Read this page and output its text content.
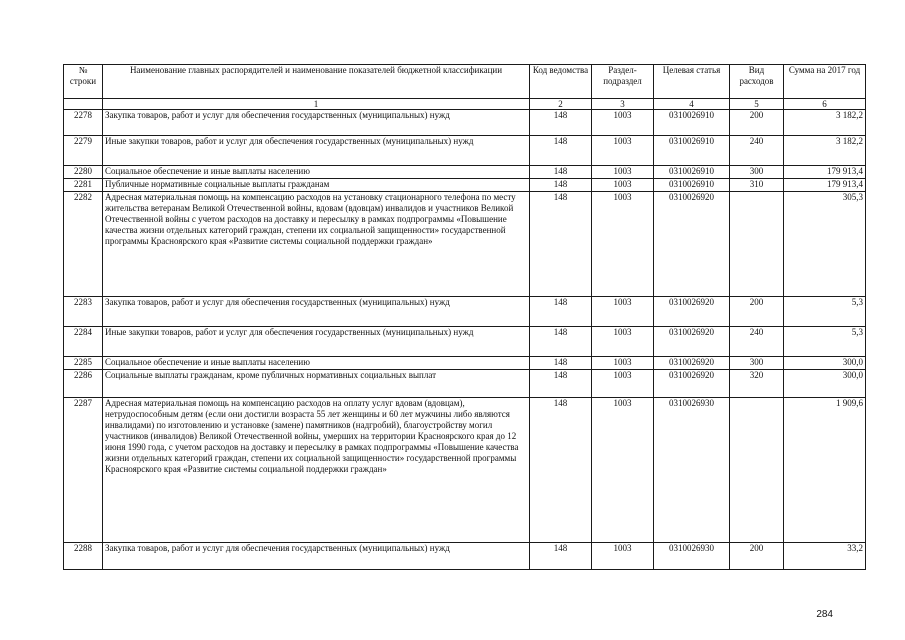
№ строки	Наименование главных распорядителей и наименование показателей бюджетной классификации	Код ведомства	Раздел-подраздел	Целевая статья	Вид расходов	Сумма на 2017 год
	1	2	3	4	5	6
2278	Закупка товаров, работ и услуг для обеспечения государственных (муниципальных) нужд	148	1003	0310026910	200	3 182,2
2279	Иные закупки товаров, работ и услуг для обеспечения государственных (муниципальных) нужд	148	1003	0310026910	240	3 182,2
2280	Социальное обеспечение и иные выплаты населению	148	1003	0310026910	300	179 913,4
2281	Публичные нормативные социальные выплаты гражданам	148	1003	0310026910	310	179 913,4
2282	Адресная материальная помощь на компенсацию расходов на установку стационарного телефона по месту жительства ветеранам Великой Отечественной войны, вдовам (вдовцам) инвалидов и участников Великой Отечественной войны с учетом расходов на доставку и пересылку в рамках подпрограммы «Повышение качества жизни отдельных категорий граждан, степени их социальной защищенности» государственной программы Красноярского края «Развитие системы социальной поддержки граждан»	148	1003	0310026920		305,3
2283	Закупка товаров, работ и услуг для обеспечения государственных (муниципальных) нужд	148	1003	0310026920	200	5,3
2284	Иные закупки товаров, работ и услуг для обеспечения государственных (муниципальных) нужд	148	1003	0310026920	240	5,3
2285	Социальное обеспечение и иные выплаты населению	148	1003	0310026920	300	300,0
2286	Социальные выплаты гражданам, кроме публичных нормативных социальных выплат	148	1003	0310026920	320	300,0
2287	Адресная материальная помощь на компенсацию расходов на оплату услуг вдовам (вдовцам), нетрудоспособным детям (если они достигли возраста 55 лет женщины и 60 лет мужчины либо являются инвалидами) по изготовлению и установке (замене) памятников (надгробий), благоустройству могил участников (инвалидов) Великой Отечественной войны, умерших на территории Красноярского края до 12 июня 1990 года, с учетом расходов на доставку и пересылку в рамках подпрограммы «Повышение качества жизни отдельных категорий граждан, степени их социальной защищенности» государственной программы Красноярского края «Развитие системы социальной поддержки граждан»	148	1003	0310026930		1 909,6
2288	Закупка товаров, работ и услуг для обеспечения государственных (муниципальных) нужд	148	1003	0310026930	200	33,2
284
